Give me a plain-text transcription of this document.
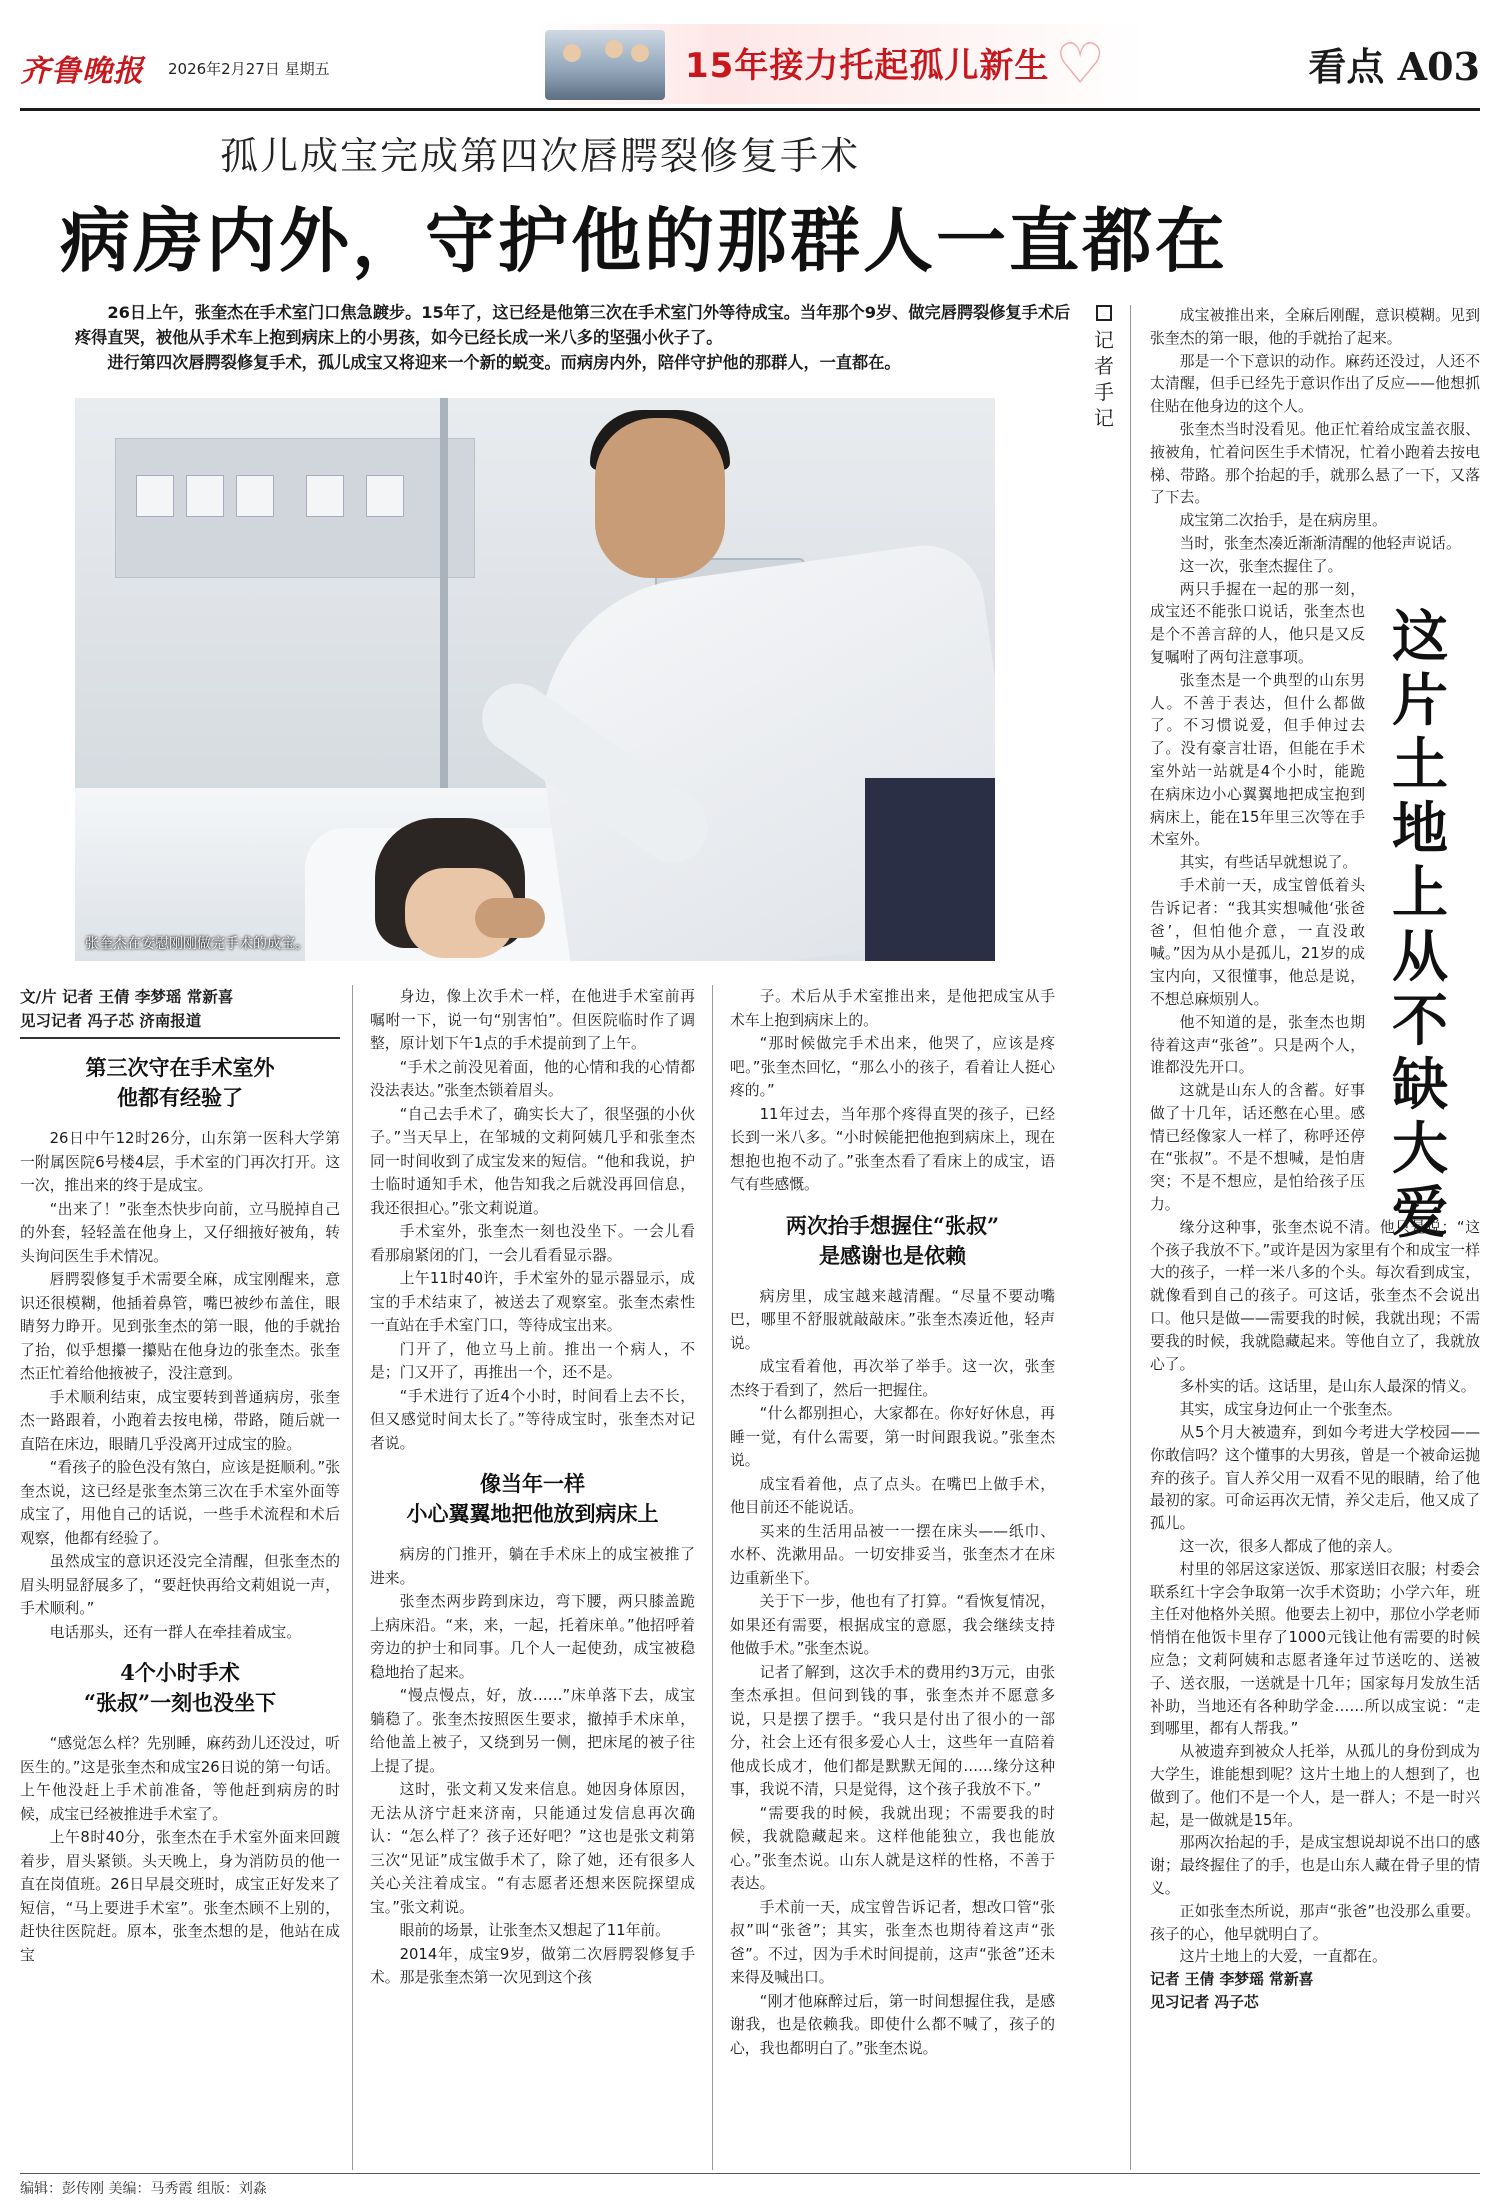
齐鲁晚报 2026年2月27日 星期五	15年接力托起孤儿新生 ♡	看点 A03
孤儿成宝完成第四次唇腭裂修复手术
病房内外，守护他的那群人一直都在

26日上午，张奎杰在手术室门口焦急踱步。15年了，这已经是他第三次在手术室门外等待成宝。当年那个9岁、做完唇腭裂修复手术后疼得直哭，被他从手术车上抱到病床上的小男孩，如今已经长成一米八多的坚强小伙子了。

进行第四次唇腭裂修复手术，孤儿成宝又将迎来一个新的蜕变。而病房内外，陪伴守护他的那群人，一直都在。

张奎杰在安慰刚刚做完手术的成宝。

文/片 记者 王倩 李梦瑶 常新喜
见习记者 冯子芯 济南报道

第三次守在手术室外
他都有经验了

26日中午12时26分，山东第一医科大学第一附属医院6号楼4层，手术室的门再次打开。这一次，推出来的终于是成宝。

“出来了！”张奎杰快步向前，立马脱掉自己的外套，轻轻盖在他身上，又仔细掖好被角，转头询问医生手术情况。

唇腭裂修复手术需要全麻，成宝刚醒来，意识还很模糊，他插着鼻管，嘴巴被纱布盖住，眼睛努力睁开。见到张奎杰的第一眼，他的手就抬了抬，似乎想攥一攥贴在他身边的张奎杰。张奎杰正忙着给他掖被子，没注意到。

手术顺利结束，成宝要转到普通病房，张奎杰一路跟着，小跑着去按电梯，带路，随后就一直陪在床边，眼睛几乎没离开过成宝的脸。

“看孩子的脸色没有煞白，应该是挺顺利。”张奎杰说，这已经是张奎杰第三次在手术室外面等成宝了，用他自己的话说，一些手术流程和术后观察，他都有经验了。

虽然成宝的意识还没完全清醒，但张奎杰的眉头明显舒展多了，“要赶快再给文莉姐说一声，手术顺利。”

电话那头，还有一群人在牵挂着成宝。

4个小时手术
“张叔”一刻也没坐下

“感觉怎么样？先别睡，麻药劲儿还没过，听医生的。”这是张奎杰和成宝26日说的第一句话。上午他没赶上手术前准备，等他赶到病房的时候，成宝已经被推进手术室了。

上午8时40分，张奎杰在手术室外面来回踱着步，眉头紧锁。头天晚上，身为消防员的他一直在岗值班。26日早晨交班时，成宝正好发来了短信，“马上要进手术室”。张奎杰顾不上别的，赶快往医院赶。原本，张奎杰想的是，他站在成宝

身边，像上次手术一样，在他进手术室前再嘱咐一下，说一句“别害怕”。但医院临时作了调整，原计划下午1点的手术提前到了上午。

“手术之前没见着面，他的心情和我的心情都没法表达。”张奎杰锁着眉头。

“自己去手术了，确实长大了，很坚强的小伙子。”当天早上，在邹城的文莉阿姨几乎和张奎杰同一时间收到了成宝发来的短信。“他和我说，护士临时通知手术，他告知我之后就没再回信息，我还很担心。”张文莉说道。

手术室外，张奎杰一刻也没坐下。一会儿看看那扇紧闭的门，一会儿看看显示器。

上午11时40许，手术室外的显示器显示，成宝的手术结束了，被送去了观察室。张奎杰索性一直站在手术室门口，等待成宝出来。

门开了，他立马上前。推出一个病人，不是；门又开了，再推出一个，还不是。

“手术进行了近4个小时，时间看上去不长，但又感觉时间太长了。”等待成宝时，张奎杰对记者说。

像当年一样
小心翼翼地把他放到病床上

病房的门推开，躺在手术床上的成宝被推了进来。

张奎杰两步跨到床边，弯下腰，两只膝盖跪上病床沿。“来，来，一起，托着床单。”他招呼着旁边的护士和同事。几个人一起使劲，成宝被稳稳地抬了起来。

“慢点慢点，好，放……”床单落下去，成宝躺稳了。张奎杰按照医生要求，撤掉手术床单，给他盖上被子，又绕到另一侧，把床尾的被子往上提了提。

这时，张文莉又发来信息。她因身体原因，无法从济宁赶来济南，只能通过发信息再次确认：“怎么样了？孩子还好吧？”这也是张文莉第三次“见证”成宝做手术了，除了她，还有很多人关心关注着成宝。“有志愿者还想来医院探望成宝。”张文莉说。

眼前的场景，让张奎杰又想起了11年前。

2014年，成宝9岁，做第二次唇腭裂修复手术。那是张奎杰第一次见到这个孩

子。术后从手术室推出来，是他把成宝从手术车上抱到病床上的。

“那时候做完手术出来，他哭了，应该是疼吧。”张奎杰回忆，“那么小的孩子，看着让人挺心疼的。”

11年过去，当年那个疼得直哭的孩子，已经长到一米八多。“小时候能把他抱到病床上，现在想抱也抱不动了。”张奎杰看了看床上的成宝，语气有些感慨。

两次抬手想握住“张叔”
是感谢也是依赖

病房里，成宝越来越清醒。“尽量不要动嘴巴，哪里不舒服就敲敲床。”张奎杰凑近他，轻声说。

成宝看着他，再次举了举手。这一次，张奎杰终于看到了，然后一把握住。

“什么都别担心，大家都在。你好好休息，再睡一觉，有什么需要，第一时间跟我说。”张奎杰说。

成宝看着他，点了点头。在嘴巴上做手术，他目前还不能说话。

买来的生活用品被一一摆在床头——纸巾、水杯、洗漱用品。一切安排妥当，张奎杰才在床边重新坐下。

关于下一步，他也有了打算。“看恢复情况，如果还有需要，根据成宝的意愿，我会继续支持他做手术。”张奎杰说。

记者了解到，这次手术的费用约3万元，由张奎杰承担。但问到钱的事，张奎杰并不愿意多说，只是摆了摆手。“我只是付出了很小的一部分，社会上还有很多爱心人士，这些年一直陪着他成长成才，他们都是默默无闻的……缘分这种事，我说不清，只是觉得，这个孩子我放不下。”

“需要我的时候，我就出现；不需要我的时候，我就隐藏起来。这样他能独立，我也能放心。”张奎杰说。山东人就是这样的性格，不善于表达。

手术前一天，成宝曾告诉记者，想改口管“张叔”叫“张爸”；其实，张奎杰也期待着这声“张爸”。不过，因为手术时间提前，这声“张爸”还未来得及喊出口。

“刚才他麻醉过后，第一时间想握住我，是感谢我，也是依赖我。即使什么都不喊了，孩子的心，我也都明白了。”张奎杰说。

记者手记
这片土地上从不缺大爱

成宝被推出来，全麻后刚醒，意识模糊。见到张奎杰的第一眼，他的手就抬了起来。

那是一个下意识的动作。麻药还没过，人还不太清醒，但手已经先于意识作出了反应——他想抓住贴在他身边的这个人。

张奎杰当时没看见。他正忙着给成宝盖衣服、掖被角，忙着问医生手术情况，忙着小跑着去按电梯、带路。那个抬起的手，就那么悬了一下，又落了下去。

成宝第二次抬手，是在病房里。

当时，张奎杰凑近渐渐清醒的他轻声说话。

这一次，张奎杰握住了。

两只手握在一起的那一刻，成宝还不能张口说话，张奎杰也是个不善言辞的人，他只是又反复嘱咐了两句注意事项。

张奎杰是一个典型的山东男人。不善于表达，但什么都做了。不习惯说爱，但手伸过去了。没有豪言壮语，但能在手术室外站一站就是4个小时，能跪在病床边小心翼翼地把成宝抱到病床上，能在15年里三次等在手术室外。

其实，有些话早就想说了。

手术前一天，成宝曾低着头告诉记者：“我其实想喊他‘张爸爸’，但怕他介意，一直没敢喊。”因为从小是孤儿，21岁的成宝内向，又很懂事，他总是说，不想总麻烦别人。

他不知道的是，张奎杰也期待着这声“张爸”。只是两个人，谁都没先开口。

这就是山东人的含蓄。好事做了十几年，话还憋在心里。感情已经像家人一样了，称呼还停在“张叔”。不是不想喊，是怕唐突；不是不想应，是怕给孩子压力。

缘分这种事，张奎杰说不清。他只是说：“这个孩子我放不下。”或许是因为家里有个和成宝一样大的孩子，一样一米八多的个头。每次看到成宝，就像看到自己的孩子。可这话，张奎杰不会说出口。他只是做——需要我的时候，我就出现；不需要我的时候，我就隐藏起来。等他自立了，我就放心了。

多朴实的话。这话里，是山东人最深的情义。

其实，成宝身边何止一个张奎杰。

从5个月大被遗弃，到如今考进大学校园——你敢信吗？这个懂事的大男孩，曾是一个被命运抛弃的孩子。盲人养父用一双看不见的眼睛，给了他最初的家。可命运再次无情，养父走后，他又成了孤儿。

这一次，很多人都成了他的亲人。

村里的邻居这家送饭、那家送旧衣服；村委会联系红十字会争取第一次手术资助；小学六年，班主任对他格外关照。他要去上初中，那位小学老师悄悄在他饭卡里存了1000元钱让他有需要的时候应急；文莉阿姨和志愿者逢年过节送吃的、送被子、送衣服，一送就是十几年；国家每月发放生活补助，当地还有各种助学金……所以成宝说：“走到哪里，都有人帮我。”

从被遗弃到被众人托举，从孤儿的身份到成为大学生，谁能想到呢？这片土地上的人想到了，也做到了。他们不是一个人，是一群人；不是一时兴起，是一做就是15年。

那两次抬起的手，是成宝想说却说不出口的感谢；最终握住了的手，也是山东人藏在骨子里的情义。

正如张奎杰所说，那声“张爸”也没那么重要。孩子的心，他早就明白了。

这片土地上的大爱，一直都在。

记者 王倩 李梦瑶 常新喜
见习记者 冯子芯

编辑：彭传刚 美编：马秀霞 组版：刘淼
